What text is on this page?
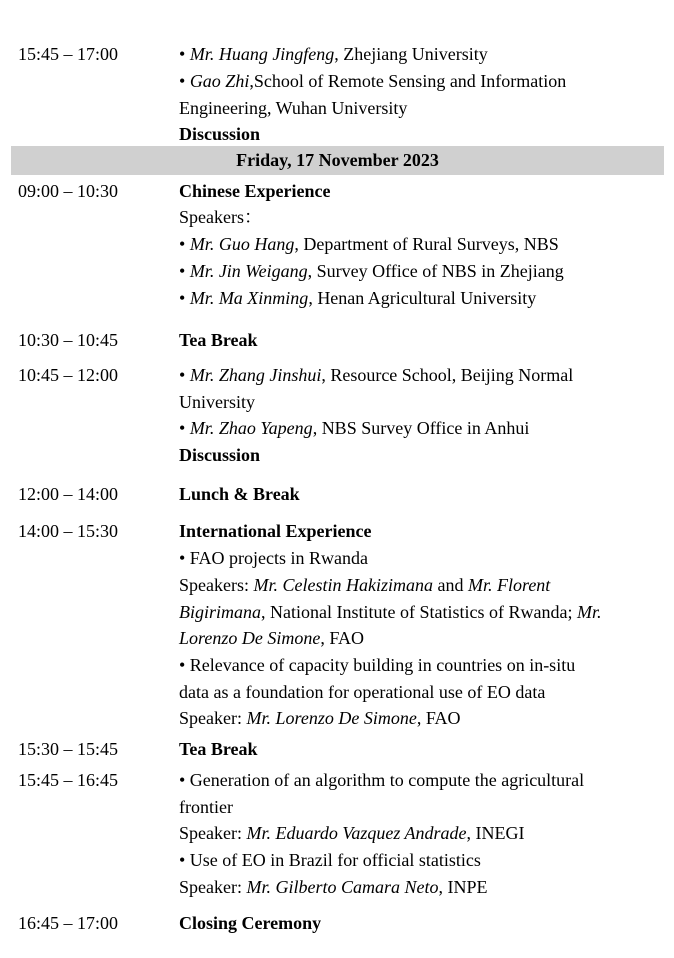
15:45 – 17:00	• Mr. Huang Jingfeng, Zhejiang University
• Gao Zhi,School of Remote Sensing and Information
Engineering, Wuhan University
Discussion
Friday, 17 November 2023
09:00 – 10:30	Chinese Experience
Speakers：
• Mr. Guo Hang, Department of Rural Surveys, NBS
• Mr. Jin Weigang, Survey Office of NBS in Zhejiang
• Mr. Ma Xinming, Henan Agricultural University
10:30 – 10:45	Tea Break
10:45 – 12:00	• Mr. Zhang Jinshui, Resource School, Beijing Normal
University
• Mr. Zhao Yapeng, NBS Survey Office in Anhui
Discussion
12:00 – 14:00	Lunch & Break
14:00 – 15:30	International Experience
• FAO projects in Rwanda
Speakers: Mr. Celestin Hakizimana and Mr. Florent
Bigirimana, National Institute of Statistics of Rwanda; Mr.
Lorenzo De Simone, FAO
• Relevance of capacity building in countries on in-situ
data as a foundation for operational use of EO data
Speaker: Mr. Lorenzo De Simone, FAO
15:30 – 15:45	Tea Break
15:45 – 16:45	• Generation of an algorithm to compute the agricultural
frontier
Speaker: Mr. Eduardo Vazquez Andrade, INEGI
• Use of EO in Brazil for official statistics
Speaker: Mr. Gilberto Camara Neto, INPE
16:45 – 17:00	Closing Ceremony
